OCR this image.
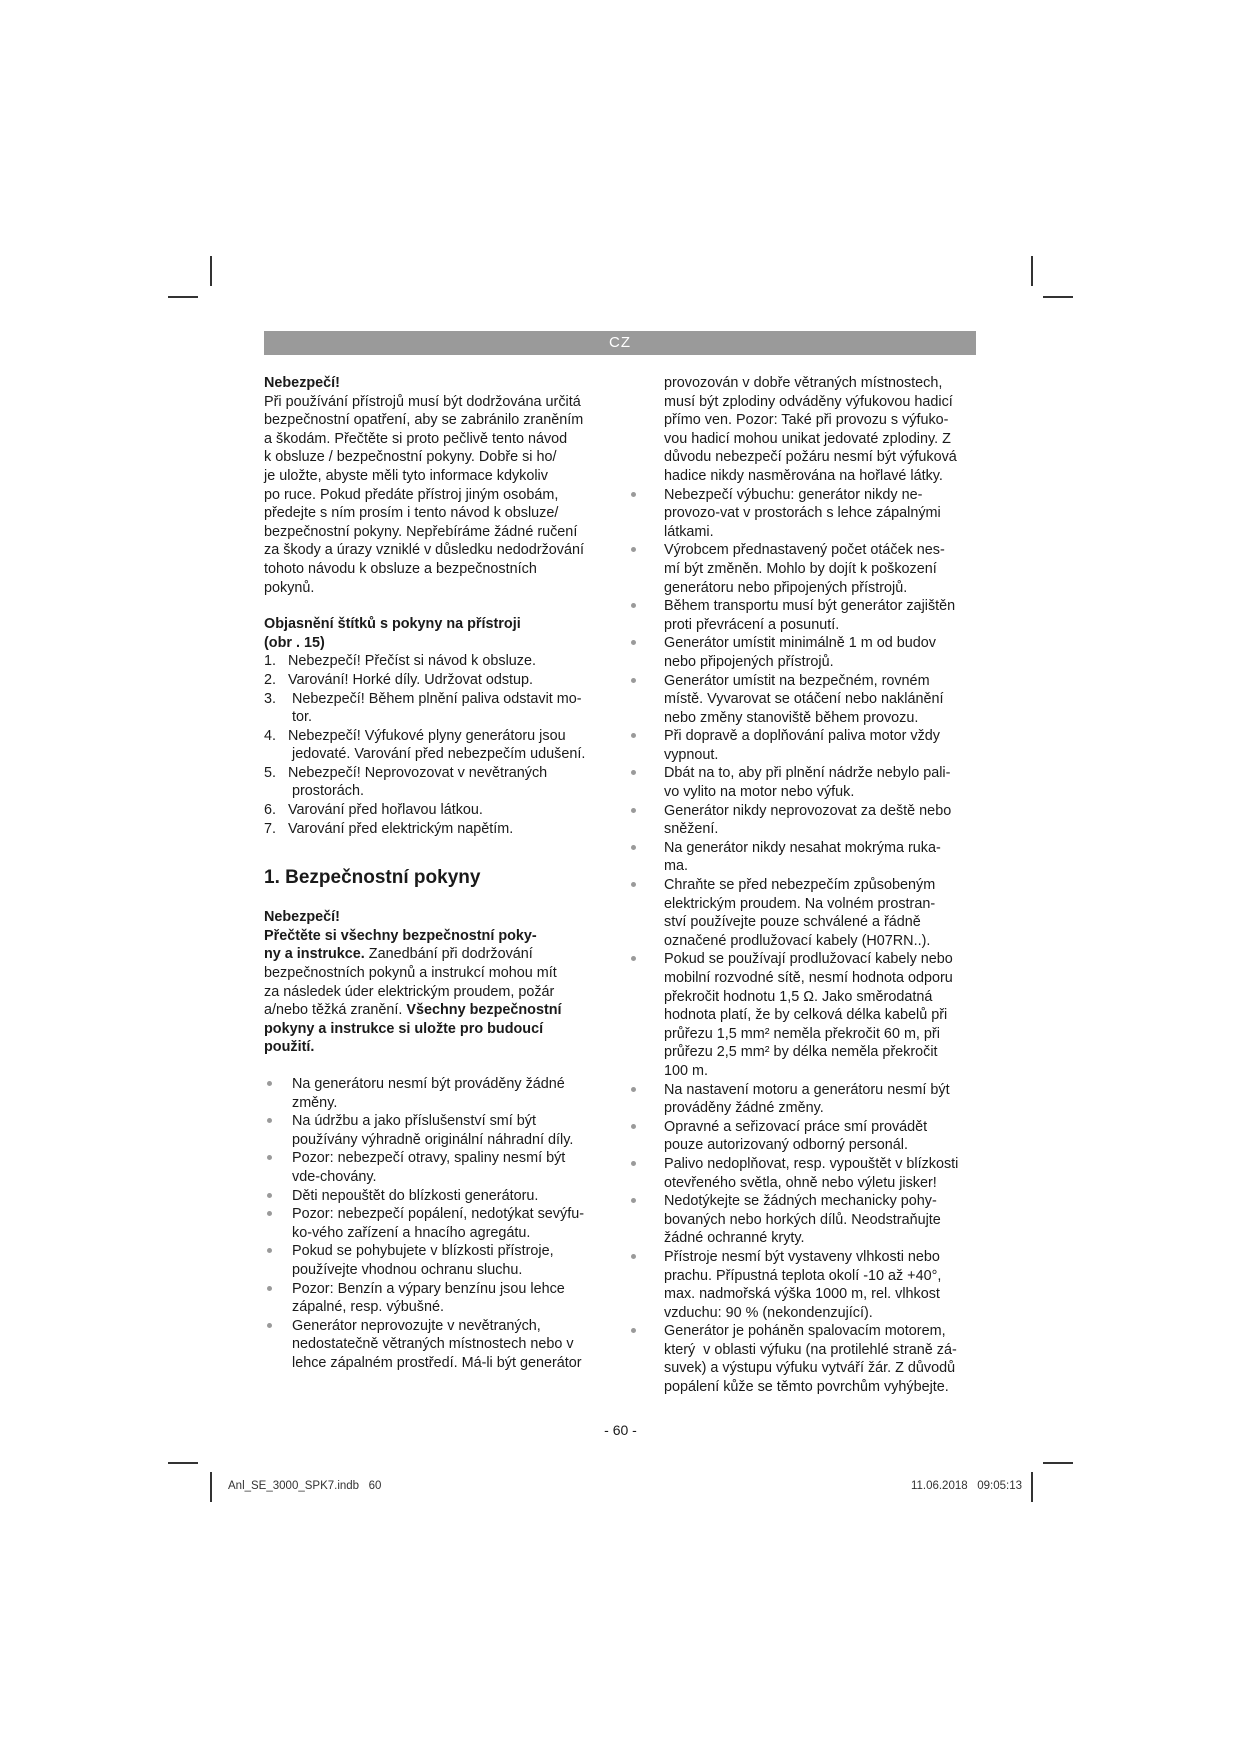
CZ

Nebezpečí!

Při používání přístrojů musí být dodržována určitá

bezpečnostní opatření, aby se zabránilo zraněním

a škodám. Přečtěte si proto pečlivě tento návod

k obsluze / bezpečnostní pokyny. Dobře si ho/

je uložte, abyste měli tyto informace kdykoliv

po ruce. Pokud předáte přístroj jiným osobám,

předejte s ním prosím i tento návod k obsluze/

bezpečnostní pokyny. Nepřebíráme žádné ručení

za škody a úrazy vzniklé v důsledku nedodržování

tohoto návodu k obsluze a bezpečnostních

pokynů.

Objasnění štítků s pokyny na přístroji

(obr . 15)

1. Nebezpečí! Přečíst si návod k obsluze.
2. Varování! Horké díly. Udržovat odstup.
3. Nebezpečí! Během plnění paliva odstavit mo-
tor.
4. Nebezpečí! Výfukové plyny generátoru jsou
jedovaté. Varování před nebezpečím udušení.
5. Nebezpečí! Neprovozovat v nevětraných
prostorách.
6. Varování před hořlavou látkou.
7. Varování před elektrickým napětím.

1. Bezpečnostní pokyny

Nebezpečí!

Přečtěte si všechny bezpečnostní poky-

ny a instrukce. Zanedbání při dodržování

bezpečnostních pokynů a instrukcí mohou mít

za následek úder elektrickým proudem, požár

a/nebo těžká zranění. Všechny bezpečnostní

pokyny a instrukce si uložte pro budoucí

použití.

Na generátoru nesmí být prováděny žádné
změny.
Na údržbu a jako příslušenství smí být
používány výhradně originální náhradní díly.
Pozor: nebezpečí otravy, spaliny nesmí být
vde-chovány.
Děti nepouštět do blízkosti generátoru.
Pozor: nebezpečí popálení, nedotýkat sevýfu-
ko-vého zařízení a hnacího agregátu.
Pokud se pohybujete v blízkosti přístroje,
používejte vhodnou ochranu sluchu.
Pozor: Benzín a výpary benzínu jsou lehce
zápalné, resp. výbušné.
Generátor neprovozujte v nevětraných,
nedostatečně větraných místnostech nebo v
lehce zápalném prostředí. Má-li být generátor

provozován v dobře větraných místnostech,

musí být zplodiny odváděny výfukovou hadicí

přímo ven. Pozor: Také při provozu s výfuko-

vou hadicí mohou unikat jedovaté zplodiny. Z

důvodu nebezpečí požáru nesmí být výfuková

hadice nikdy nasměrována na hořlavé látky.

Nebezpečí výbuchu: generátor nikdy ne-
provozo-vat v prostorách s lehce zápalnými
látkami.
Výrobcem přednastavený počet otáček nes-
mí být změněn. Mohlo by dojít k poškození
generátoru nebo připojených přístrojů.
Během transportu musí být generátor zajištěn
proti převrácení a posunutí.
Generátor umístit minimálně 1 m od budov
nebo připojených přístrojů.
Generátor umístit na bezpečném, rovném
místě. Vyvarovat se otáčení nebo naklánění
nebo změny stanoviště během provozu.
Při dopravě a doplňování paliva motor vždy
vypnout.
Dbát na to, aby při plnění nádrže nebylo pali-
vo vylito na motor nebo výfuk.
Generátor nikdy neprovozovat za deště nebo
sněžení.
Na generátor nikdy nesahat mokrýma ruka-
ma.
Chraňte se před nebezpečím způsobeným
elektrickým proudem. Na volném prostran-
ství používejte pouze schválené a řádně
označené prodlužovací kabely (H07RN..).
Pokud se používají prodlužovací kabely nebo
mobilní rozvodné sítě, nesmí hodnota odporu
překročit hodnotu 1,5 Ω. Jako směrodatná
hodnota platí, že by celková délka kabelů při
průřezu 1,5 mm² neměla překročit 60 m, při
průřezu 2,5 mm² by délka neměla překročit
100 m.
Na nastavení motoru a generátoru nesmí být
prováděny žádné změny.
Opravné a seřizovací práce smí provádět
pouze autorizovaný odborný personál.
Palivo nedoplňovat, resp. vypouštět v blízkosti
otevřeného světla, ohně nebo výletu jisker!
Nedotýkejte se žádných mechanicky pohy-
bovaných nebo horkých dílů. Neodstraňujte
žádné ochranné kryty.
Přístroje nesmí být vystaveny vlhkosti nebo
prachu. Přípustná teplota okolí -10 až +40°,
max. nadmořská výška 1000 m, rel. vlhkost
vzduchu: 90 % (nekondenzující).
Generátor je poháněn spalovacím motorem,
který  v oblasti výfuku (na protilehlé straně zá-
suvek) a výstupu výfuku vytváří žár. Z důvodů
popálení kůže se těmto povrchům vyhýbejte.
- 60 -
Anl_SE_3000_SPK7.indb   60	11.06.2018   09:05:13
